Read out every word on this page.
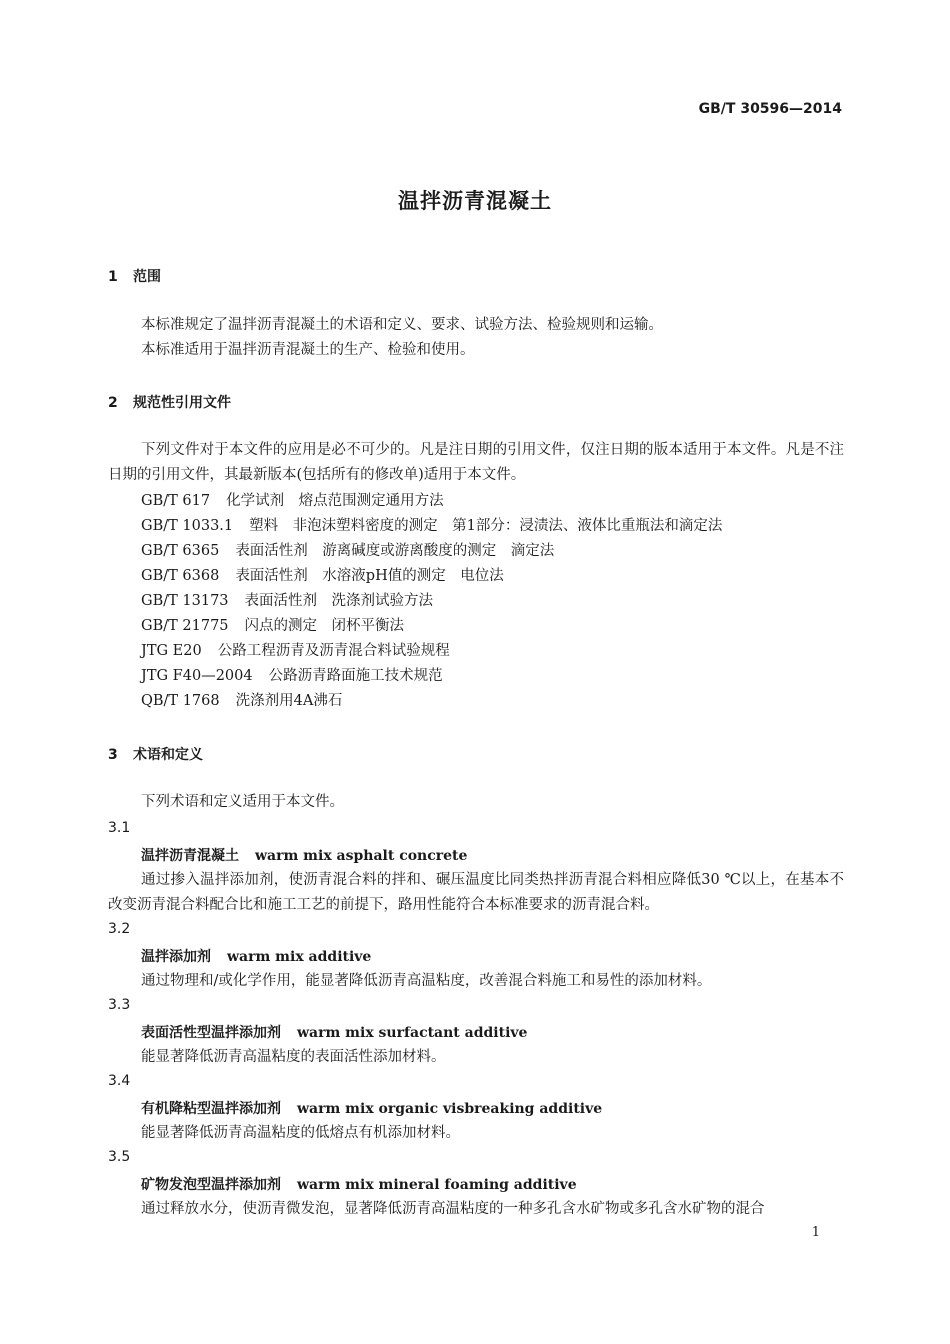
GB/T 30596—2014
温拌沥青混凝土
1 范围
本标准规定了温拌沥青混凝土的术语和定义、要求、试验方法、检验规则和运输。
本标准适用于温拌沥青混凝土的生产、检验和使用。
2 规范性引用文件
下列文件对于本文件的应用是必不可少的。凡是注日期的引用文件，仅注日期的版本适用于本文件。凡是不注日期的引用文件，其最新版本(包括所有的修改单)适用于本文件。
GB/T 617 化学试剂　熔点范围测定通用方法
GB/T 1033.1 塑料　非泡沫塑料密度的测定　第1部分：浸渍法、液体比重瓶法和滴定法
GB/T 6365 表面活性剂　游离碱度或游离酸度的测定　滴定法
GB/T 6368 表面活性剂　水溶液pH值的测定　电位法
GB/T 13173 表面活性剂　洗涤剂试验方法
GB/T 21775 闪点的测定　闭杯平衡法
JTG E20 公路工程沥青及沥青混合料试验规程
JTG F40—2004 公路沥青路面施工技术规范
QB/T 1768 洗涤剂用4A沸石
3 术语和定义
下列术语和定义适用于本文件。
3.1
温拌沥青混凝土 warm mix asphalt concrete
通过掺入温拌添加剂，使沥青混合料的拌和、碾压温度比同类热拌沥青混合料相应降低30 ℃以上，在基本不改变沥青混合料配合比和施工工艺的前提下，路用性能符合本标准要求的沥青混合料。
3.2
温拌添加剂 warm mix additive
通过物理和/或化学作用，能显著降低沥青高温粘度，改善混合料施工和易性的添加材料。
3.3
表面活性型温拌添加剂 warm mix surfactant additive
能显著降低沥青高温粘度的表面活性添加材料。
3.4
有机降粘型温拌添加剂 warm mix organic visbreaking additive
能显著降低沥青高温粘度的低熔点有机添加材料。
3.5
矿物发泡型温拌添加剂 warm mix mineral foaming additive
通过释放水分，使沥青微发泡，显著降低沥青高温粘度的一种多孔含水矿物或多孔含水矿物的混合
1
